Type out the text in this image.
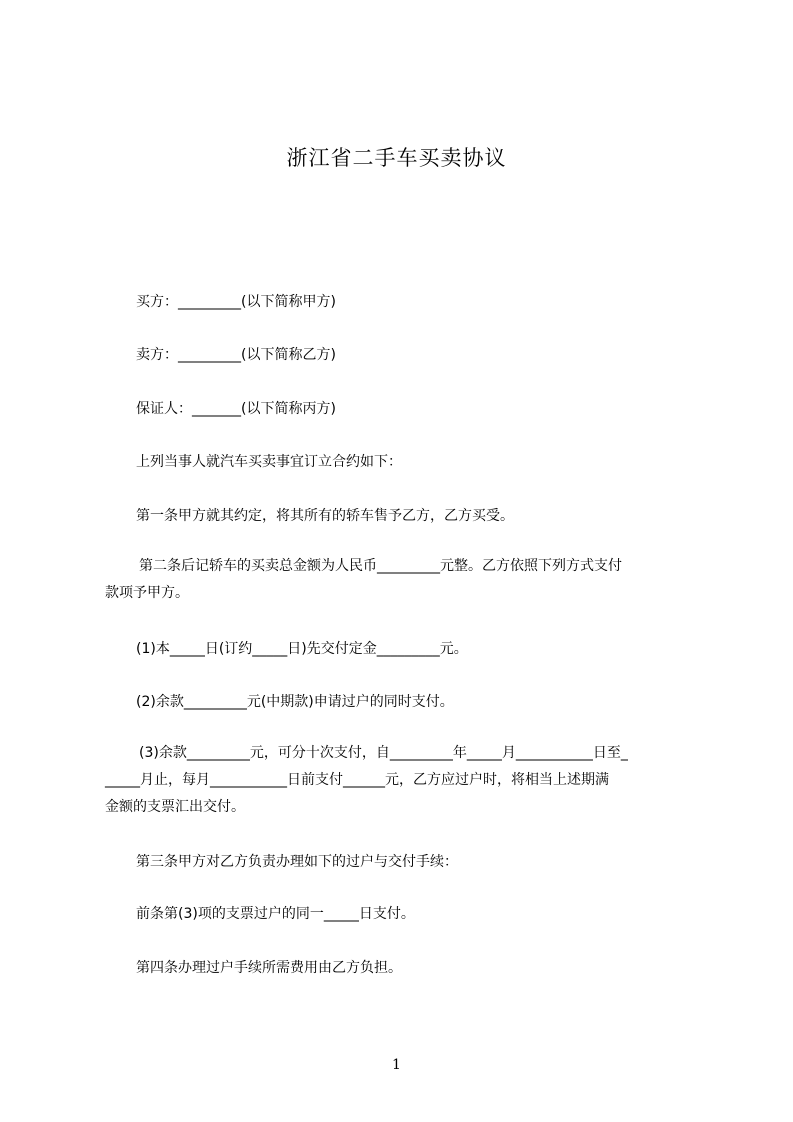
浙江省二手车买卖协议
买方：_________(以下简称甲方)
卖方：_________(以下简称乙方)
保证人：_______(以下简称丙方)
上列当事人就汽车买卖事宜订立合约如下：
第一条甲方就其约定，将其所有的轿车售予乙方，乙方买受。
第二条后记轿车的买卖总金额为人民币_________元整。乙方依照下列方式支付
款项予甲方。
(1)本_____日(订约_____日)先交付定金_________元。
(2)余款_________元(中期款)申请过户的同时支付。
(3)余款_________元，可分十次支付，自_________年_____月___________日至_
_____月止，每月___________日前支付______元，乙方应过户时，将相当上述期满
金额的支票汇出交付。
第三条甲方对乙方负责办理如下的过户与交付手续：
前条第(3)项的支票过户的同一_____日支付。
第四条办理过户手续所需费用由乙方负担。
1
